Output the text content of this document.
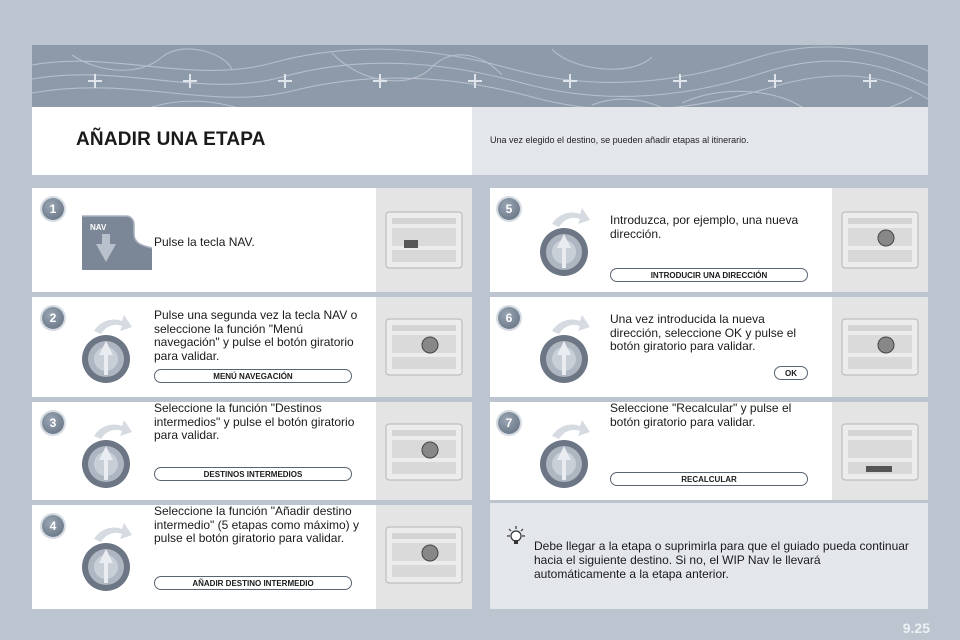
AÑADIR UNA ETAPA	Una vez elegido el destino, se pueden añadir etapas al itinerario.

1
NAV

Pulse la tecla NAV.

2	Pulse una segunda vez la tecla NAV o seleccione la función "Menú navegación" y pulse el botón giratorio para validar.

MENÚ NAVEGACIÓN
3

Seleccione la función "Destinos intermedios" y pulse el botón giratorio para validar.

DESTINOS INTERMEDIOS
4

Seleccione la función "Añadir destino intermedio" (5 etapas como máximo) y pulse el botón giratorio para validar.

AÑADIR DESTINO INTERMEDIO
5

Introduzca, por ejemplo, una nueva dirección.

INTRODUCIR UNA DIRECCIÓN
6	Una vez introducida la nueva dirección, seleccione OK y pulse el botón giratorio para validar.

OK
7

Seleccione "Recalcular" y pulse el botón giratorio para validar.

RECALCULAR

Debe llegar a la etapa o suprimirla para que el guiado pueda continuar hacia el siguiente destino. Si no, el WIP Nav le llevará automáticamente a la etapa anterior.

9.25
